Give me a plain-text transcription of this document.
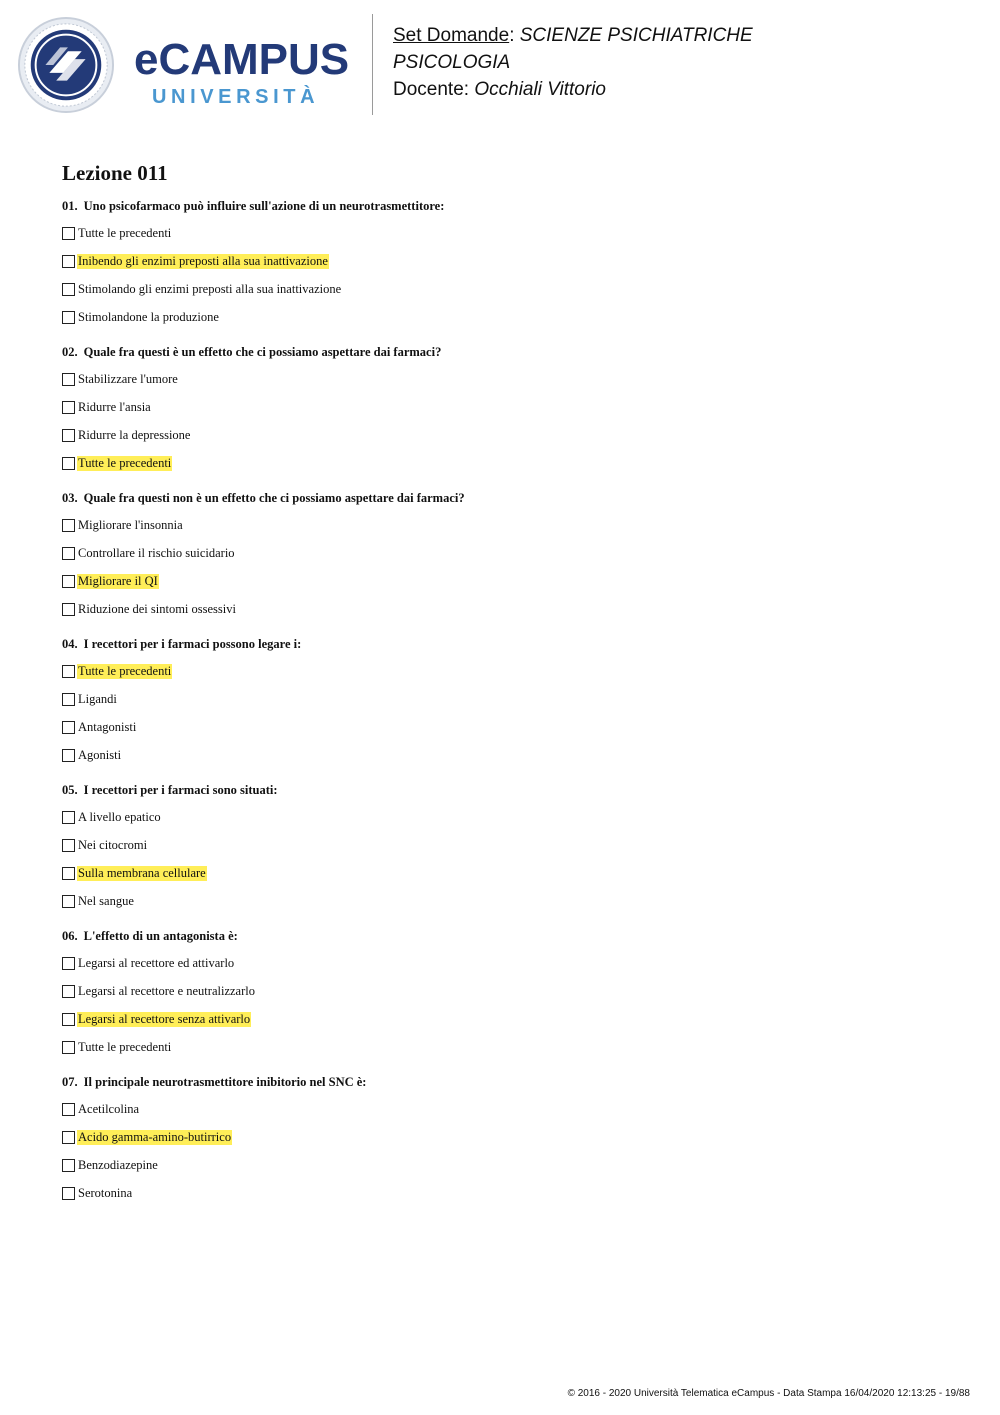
eCAMPUS
UNIVERSITÀ
Set Domande: SCIENZE PSICHIATRICHE
PSICOLOGIA
Docente: Occhiali Vittorio
Lezione 011
01. Uno psicofarmaco può influire sull'azione di un neurotrasmettitore:
Tutte le precedenti
Inibendo gli enzimi preposti alla sua inattivazione
Stimolando gli enzimi preposti alla sua inattivazione
Stimolandone la produzione
02. Quale fra questi è un effetto che ci possiamo aspettare dai farmaci?
Stabilizzare l'umore
Ridurre l'ansia
Ridurre la depressione
Tutte le precedenti
03. Quale fra questi non è un effetto che ci possiamo aspettare dai farmaci?
Migliorare l'insonnia
Controllare il rischio suicidario
Migliorare il QI
Riduzione dei sintomi ossessivi
04. I recettori per i farmaci possono legare i:
Tutte le precedenti
Ligandi
Antagonisti
Agonisti
05. I recettori per i farmaci sono situati:
A livello epatico
Nei citocromi
Sulla membrana cellulare
Nel sangue
06. L'effetto di un antagonista è:
Legarsi al recettore ed attivarlo
Legarsi al recettore e neutralizzarlo
Legarsi al recettore senza attivarlo
Tutte le precedenti
07. Il principale neurotrasmettitore inibitorio nel SNC è:
Acetilcolina
Acido gamma-amino-butirrico
Benzodiazepine
Serotonina
© 2016 - 2020 Università Telematica eCampus - Data Stampa 16/04/2020 12:13:25 - 19/88
